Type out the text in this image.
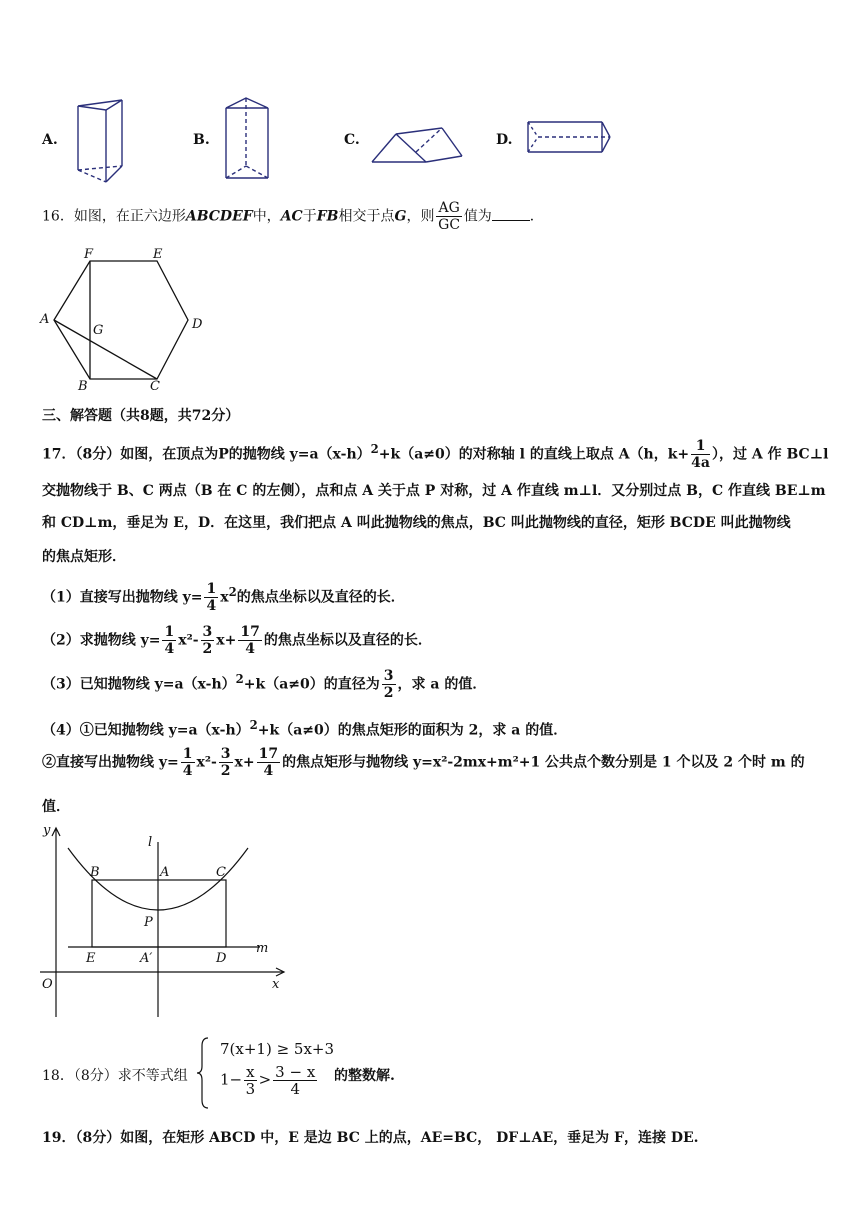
A.	B.	C.	D.
16．如图，在正六边形ABCDEF中，AC于FB相交于点G，则 $\frac{AG}{GC}$ 值为	．
F	E
A	D
G
B	C
三、解答题（共8题，共72分）
17．（8分）如图，在顶点为P的抛物线 $y=a(x-h)^2+k(a\ne 0)$的对称轴 l 的直线上取点 A（h，$k+ \frac{1}{4a}$ ），过 A 作 BC⊥l
交抛物线于 B、C 两点（B 在 C 的左侧），点和点 A 关于点 P 对称，过 A 作直线 m⊥l．又分别过点 B，C 作直线 BE⊥m
和 CD⊥m，垂足为 E，D．在这里，我们把点 A 叫此抛物线的焦点，BC 叫此抛物线的直径，矩形 BCDE 叫此抛物线
的焦点矩形．
（1）直接写出抛物线 $y= \frac{1}{4} x^2$的焦点坐标以及直径的长．
（2）求抛物线 $y= \frac{1}{4} x^2- \frac{3}{2} x+ \frac{17}{4}$ 的焦点坐标以及直径的长．
（3）已知抛物线 $y=a(x-h)^2+k(a\ne 0)$的直径为 $\frac{3}{2}$ ，求 a 的值．
（4）①已知抛物线 $y=a(x-h)^2+k(a\ne 0)$的焦点矩形的面积为 2，求 a 的值．
②直接写出抛物线 $y= \frac{1}{4} x^2- \frac{3}{2} x+ \frac{17}{4}$ 的焦点矩形与抛物线 y=x²-2mx+m²+1 公共点个数分别是 1 个以及 2 个时 m 的
值．
y
l
B	A	C
P
m
E	A′	D
O	x
18．（8分）求不等式组
7(x+1) ≥ 5x+3
$1- \frac{x}{3} > \frac{3 - x}{4}$ 的整数解.
19．（8分）如图，在矩形 ABCD 中，E 是边 BC 上的点，AE=BC， DF⊥AE，垂足为 F，连接 DE.
